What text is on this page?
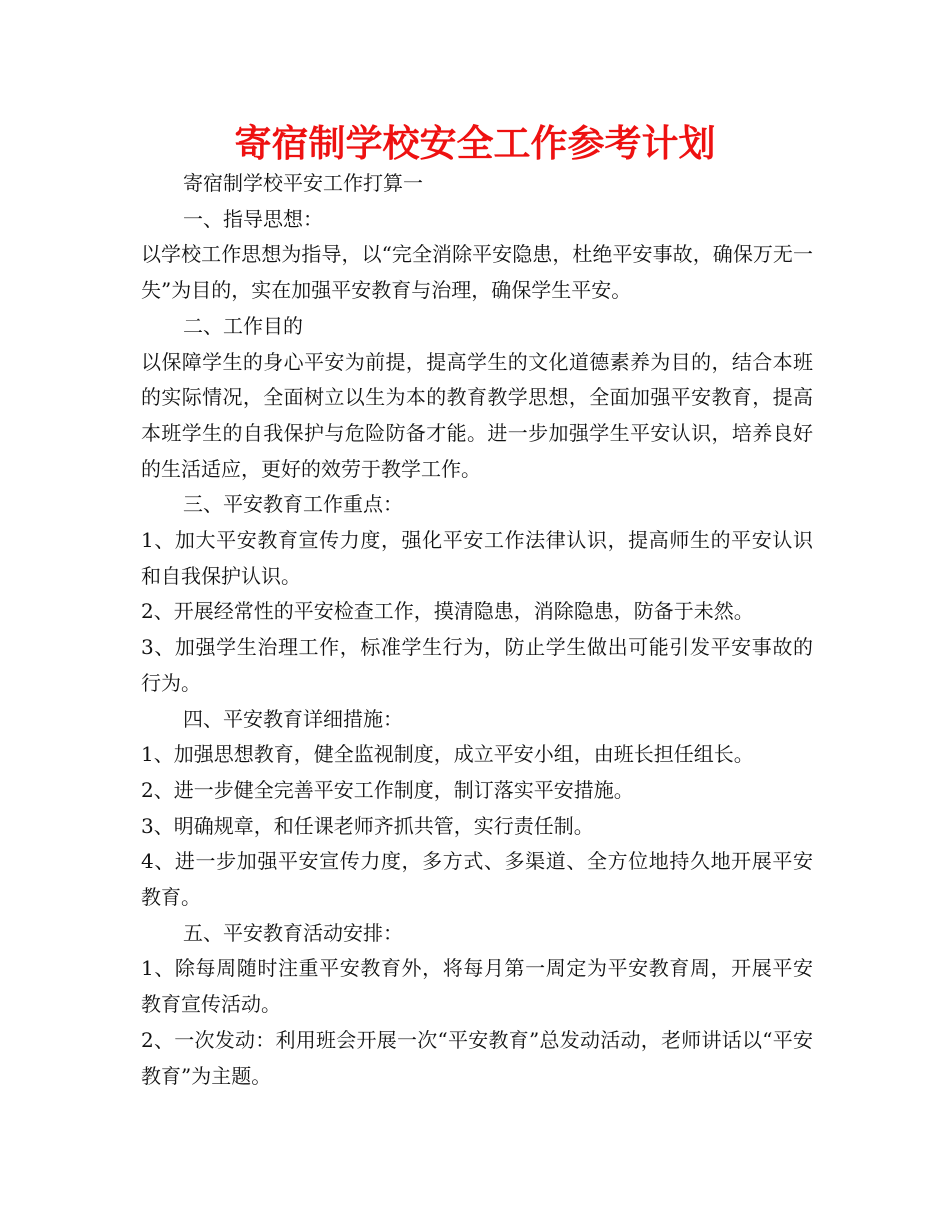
寄宿制学校安全工作参考计划

寄宿制学校平安工作打算一

一、指导思想：

以学校工作思想为指导，以“完全消除平安隐患，杜绝平安事故，确保万无一失”为目的，实在加强平安教育与治理，确保学生平安。

二、工作目的

以保障学生的身心平安为前提，提高学生的文化道德素养为目的，结合本班的实际情况，全面树立以生为本的教育教学思想，全面加强平安教育，提高本班学生的自我保护与危险防备才能。进一步加强学生平安认识，培养良好的生活适应，更好的效劳于教学工作。

三、平安教育工作重点：

1、加大平安教育宣传力度，强化平安工作法律认识，提高师生的平安认识和自我保护认识。

2、开展经常性的平安检查工作，摸清隐患，消除隐患，防备于未然。

3、加强学生治理工作，标准学生行为，防止学生做出可能引发平安事故的行为。

四、平安教育详细措施：

1、加强思想教育，健全监视制度，成立平安小组，由班长担任组长。

2、进一步健全完善平安工作制度，制订落实平安措施。

3、明确规章，和任课老师齐抓共管，实行责任制。

4、进一步加强平安宣传力度，多方式、多渠道、全方位地持久地开展平安教育。

五、平安教育活动安排：

1、除每周随时注重平安教育外，将每月第一周定为平安教育周，开展平安教育宣传活动。

2、一次发动：利用班会开展一次“平安教育”总发动活动，老师讲话以“平安教育”为主题。
